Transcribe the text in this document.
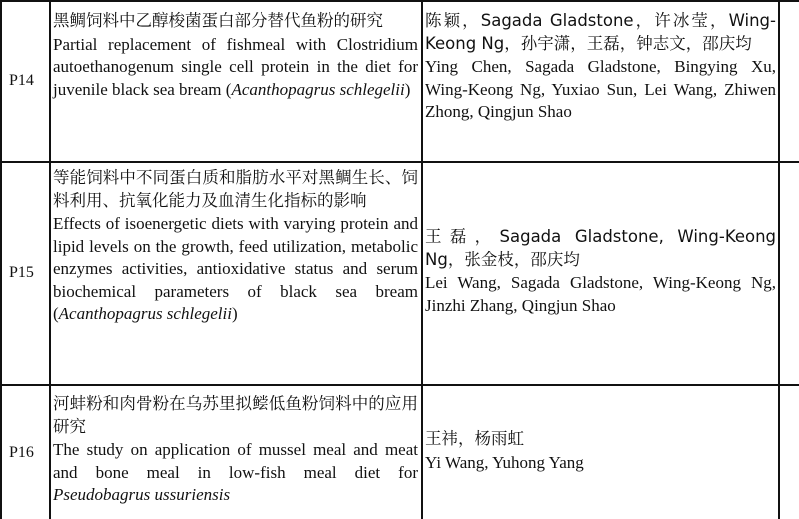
P14
黑鲷饲料中乙醇梭菌蛋白部分替代鱼粉的研究
Partial replacement of fishmeal with Clostridium autoethanogenum single cell protein in the diet for juvenile black sea bream (Acanthopagrus schlegelii)
陈颖，Sagada Gladstone，许冰莹，Wing-Keong Ng，孙宇潇，王磊，钟志文，邵庆均
Ying Chen, Sagada Gladstone, Bingying Xu, Wing-Keong Ng, Yuxiao Sun, Lei Wang, Zhiwen Zhong, Qingjun Shao
P15
等能饲料中不同蛋白质和脂肪水平对黑鲷生长、饲料利用、抗氧化能力及血清生化指标的影响
Effects of isoenergetic diets with varying protein and lipid levels on the growth, feed utilization, metabolic enzymes activities, antioxidative status and serum biochemical parameters of black sea bream (Acanthopagrus schlegelii)
王磊，Sagada Gladstone, Wing-Keong Ng，张金枝，邵庆均
Lei Wang, Sagada Gladstone, Wing-Keong Ng, Jinzhi Zhang, Qingjun Shao
P16
河蚌粉和肉骨粉在乌苏里拟鲿低鱼粉饲料中的应用研究
The study on application of mussel meal and meat and bone meal in low-fish meal diet for Pseudobagrus ussuriensis
王祎，杨雨虹
Yi Wang, Yuhong Yang
